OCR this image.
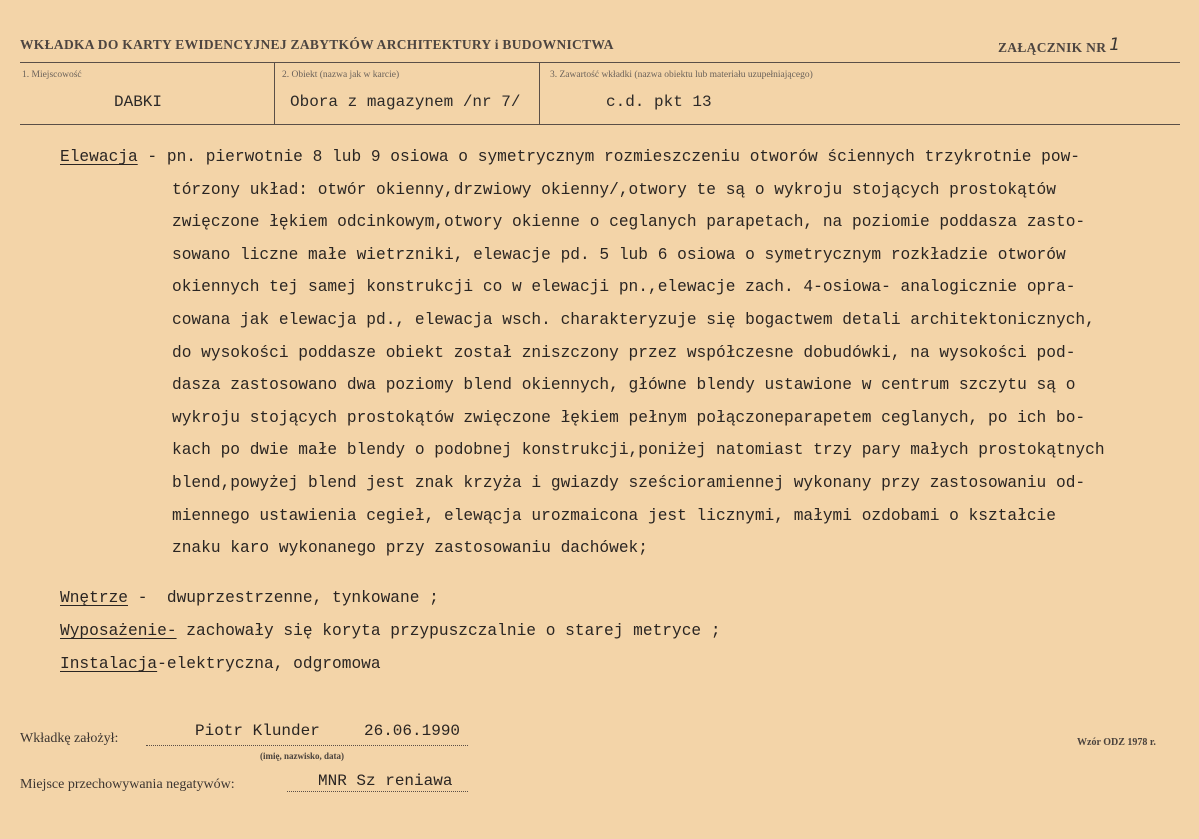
WKŁADKA DO KARTY EWIDENCYJNEJ ZABYTKÓW ARCHITEKTURY i BUDOWNICTWA	ZAŁĄCZNIK NR 1
1. Miejscowość
DABKI
2. Obiekt (nazwa jak w karcie)
Obora z magazynem /nr 7/
3. Zawartość wkładki (nazwa obiektu lub materiału uzupełniającego)
c.d. pkt 13
Elewacja - pn. pierwotnie 8 lub 9 osiowa o symetrycznym rozmieszczeniu otworów ściennych trzykrotnie pow-
tórzony układ: otwór okienny,drzwiowy okienny/,otwory te są o wykroju stojących prostokątów
zwięczone łękiem odcinkowym,otwory okienne o ceglanych parapetach, na poziomie poddasza zasto-
sowano liczne małe wietrzniki, elewacje pd. 5 lub 6 osiowa o symetrycznym rozkładzie otworów
okiennych tej samej konstrukcji co w elewacji pn.,elewacje zach. 4-osiowa- analogicznie opra-
cowana jak elewacja pd., elewacja wsch. charakteryzuje się bogactwem detali architektonicznych,
do wysokości poddasze obiekt został zniszczony przez współczesne dobudówki, na wysokości pod-
dasza zastosowano dwa poziomy blend okiennych, główne blendy ustawione w centrum szczytu są o
wykroju stojących prostokątów zwięczone łękiem pełnym połączoneparapetem ceglanych, po ich bo-
kach po dwie małe blendy o podobnej konstrukcji,poniżej natomiast trzy pary małych prostokątnych
blend,powyżej blend jest znak krzyża i gwiazdy sześcioramiennej wykonany przy zastosowaniu od-
miennego ustawienia cegieł, elewącja urozmaicona jest licznymi, małymi ozdobami o kształcie
znaku karo wykonanego przy zastosowaniu dachówek;
Wnętrze -  dwuprzestrzenne, tynkowane ;
Wyposażenie- zachowały się koryta przypuszczalnie o starej metryce ;
Instalacja-elektryczna, odgromowa
Wkładkę założył:	Piotr Klunder	26.06.1990
(imię, nazwisko, data)
Miejsce przechowywania negatywów:	MNR Sz reniawa
Wzór ODZ 1978 r.
